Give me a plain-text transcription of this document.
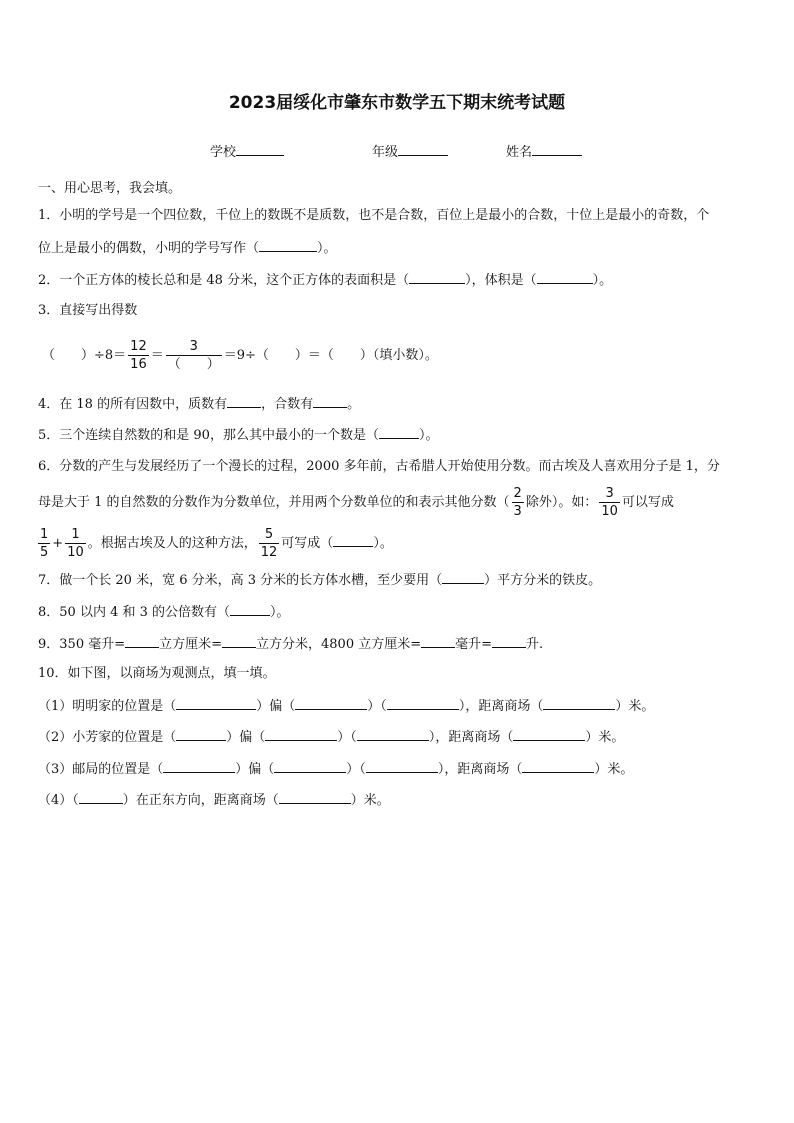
2023届绥化市肇东市数学五下期末统考试题
学校	年级	姓名
一、用心思考，我会填。
1．小明的学号是一个四位数，千位上的数既不是质数，也不是合数，百位上是最小的合数，十位上是最小的奇数，个
位上是最小的偶数，小明的学号写作（	）。
2．一个正方体的棱长总和是 48 分米，这个正方体的表面积是（	），体积是（	）。
3．直接写出得数
（　　）$\div 8= \frac{12}{16} = \frac{3}{( )} =9\div$（　　）＝（　　）（填小数）。
4．在 18 的所有因数中，质数有	，合数有	。
5．三个连续自然数的和是 90，那么其中最小的一个数是（	）。
6．分数的产生与发展经历了一个漫长的过程，2000 多年前，古希腊人开始使用分数。而古埃及人喜欢用分子是 1，分
母是大于 1 的自然数的分数作为分数单位，并用两个分数单位的和表示其他分数（ $\frac{2}{3}$ 除外）。如： $\frac{3}{10}$ 可以写成
$\frac{1}{5} + \frac{1}{10}$ 。根据古埃及人的这种方法， $\frac{5}{12}$ 可写成（	）。
7．做一个长 20 米，宽 6 分米，高 3 分米的长方体水槽，至少要用（	）平方分米的铁皮。
8．50 以内 4 和 3 的公倍数有（	）。
9．350 毫升=	立方厘米=	立方分米，4800 立方厘米=	毫升=	升.
10．如下图，以商场为观测点，填一填。
（1）明明家的位置是（	）偏（	）（	），距离商场（	）米。
（2）小芳家的位置是（	）偏（	）（	），距离商场（	）米。
（3）邮局的位置是（	）偏（	）（	），距离商场（	）米。
（4）（	）在正东方向，距离商场（	）米。
